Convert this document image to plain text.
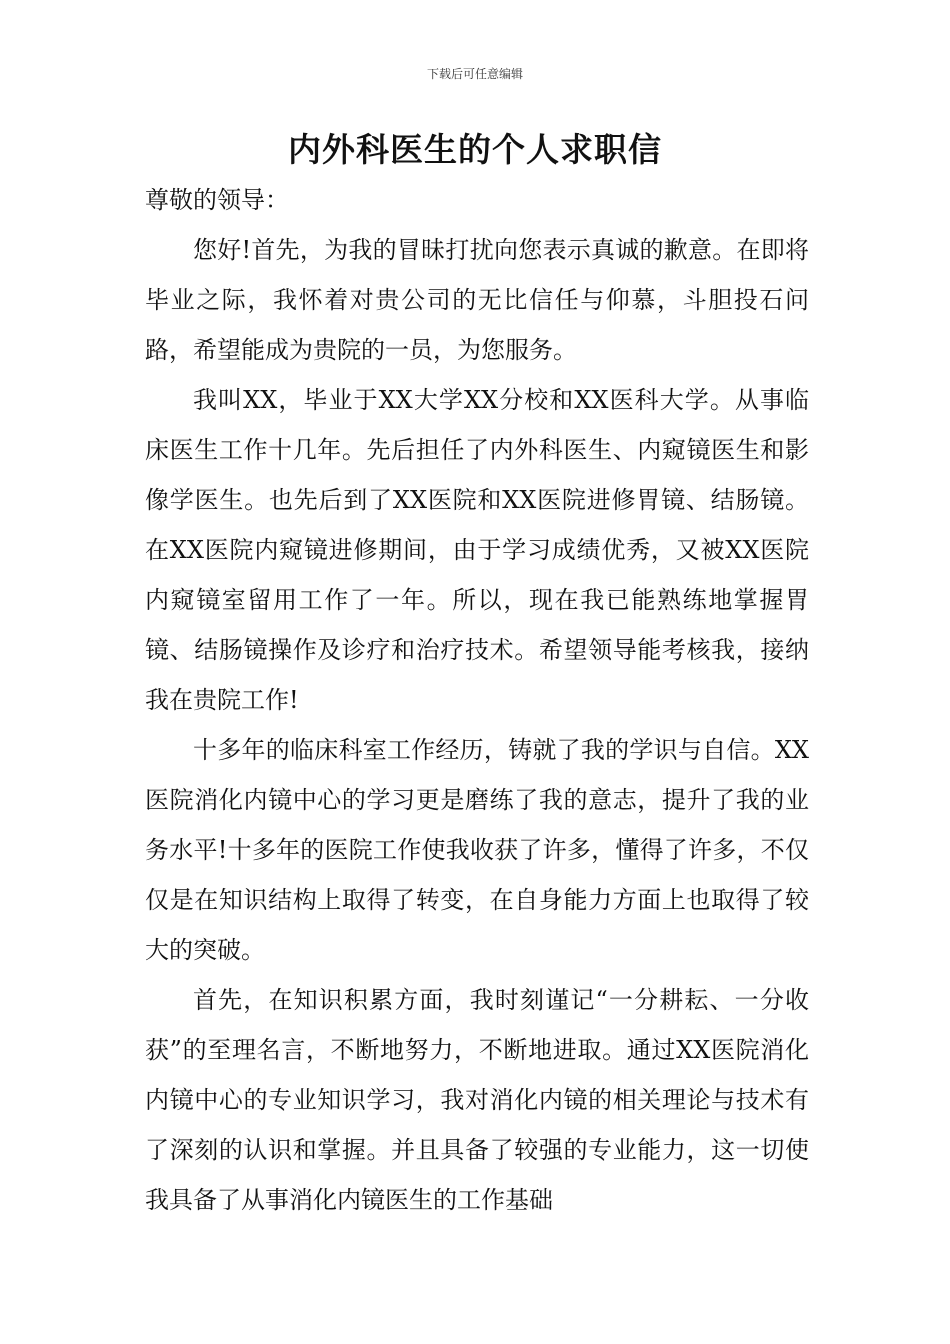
下载后可任意编辑
内外科医生的个人求职信

尊敬的领导：

您好!首先，为我的冒昧打扰向您表示真诚的歉意。在即将毕业之际，我怀着对贵公司的无比信任与仰慕，斗胆投石问路，希望能成为贵院的一员，为您服务。

我叫XX，毕业于XX大学XX分校和XX医科大学。从事临床医生工作十几年。先后担任了内外科医生、内窥镜医生和影像学医生。也先后到了XX医院和XX医院进修胃镜、结肠镜。在XX医院内窥镜进修期间，由于学习成绩优秀，又被XX医院内窥镜室留用工作了一年。所以，现在我已能熟练地掌握胃镜、结肠镜操作及诊疗和治疗技术。希望领导能考核我，接纳我在贵院工作!

十多年的临床科室工作经历，铸就了我的学识与自信。XX医院消化内镜中心的学习更是磨练了我的意志，提升了我的业务水平!十多年的医院工作使我收获了许多，懂得了许多，不仅仅是在知识结构上取得了转变，在自身能力方面上也取得了较大的突破。

首先，在知识积累方面，我时刻谨记“一分耕耘、一分收获”的至理名言，不断地努力，不断地进取。通过XX医院消化内镜中心的专业知识学习，我对消化内镜的相关理论与技术有了深刻的认识和掌握。并且具备了较强的专业能力，这一切使我具备了从事消化内镜医生的工作基础
